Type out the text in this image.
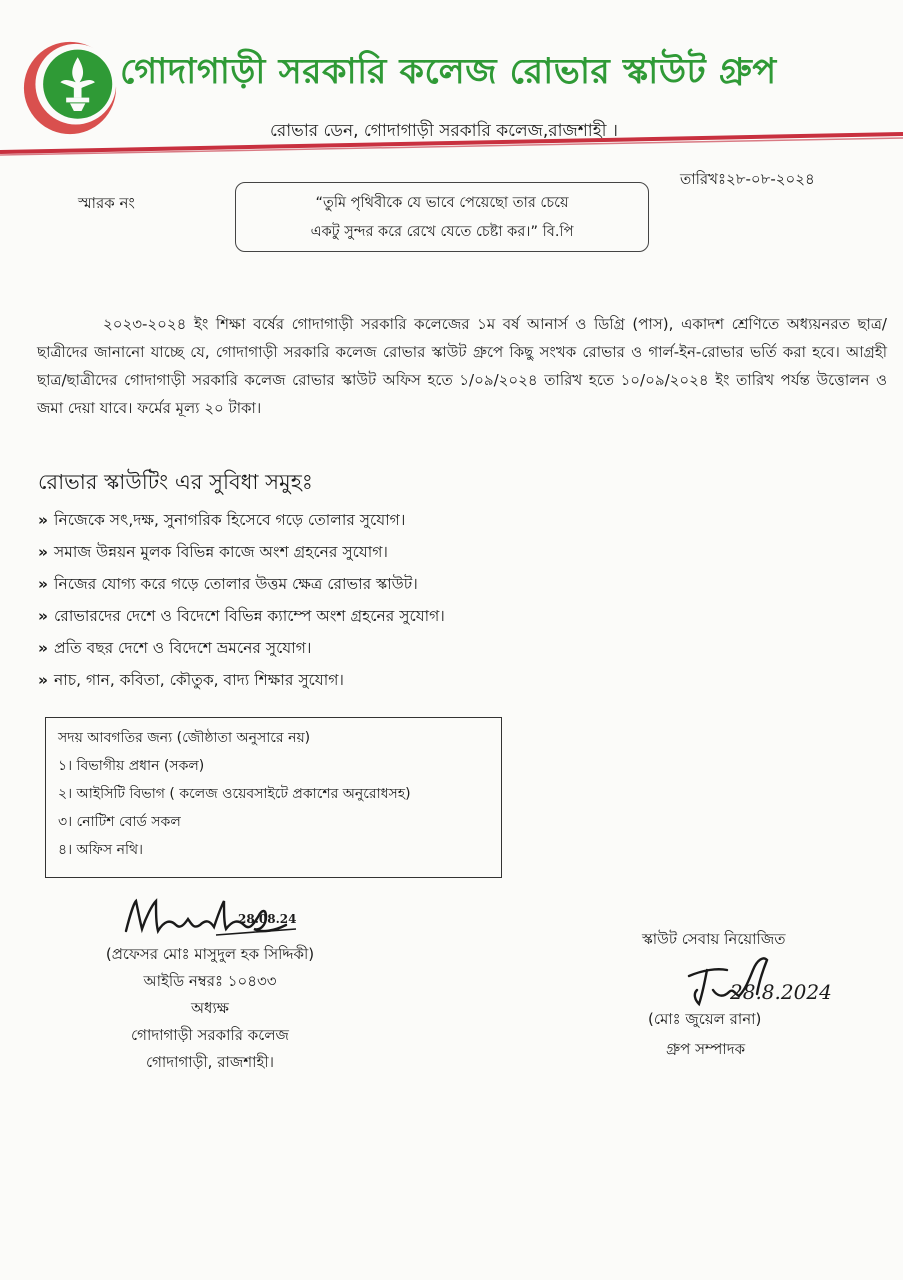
গোদাগাড়ী সরকারি কলেজ রোভার স্কাউট গ্রুপ
রোভার ডেন, গোদাগাড়ী সরকারি কলেজ,রাজশাহী ।
স্মারক নং
তারিখঃ২৮-০৮-২০২৪
“তুমি পৃথিবীকে যে ভাবে পেয়েছো তার চেয়ে
একটু সুন্দর করে রেখে যেতে চেষ্টা কর।” বি.পি
২০২৩-২০২৪ ইং শিক্ষা বর্ষের গোদাগাড়ী সরকারি কলেজের ১ম বর্ষ আনার্স ও ডিগ্রি (পাস), একাদশ শ্রেণিতে অধ্যয়নরত ছাত্র/ছাত্রীদের জানানো যাচ্ছে যে, গোদাগাড়ী সরকারি কলেজ রোভার স্কাউট গ্রুপে কিছু সংখক রোভার ও গার্ল-ইন-রোভার ভর্তি করা হবে। আগ্রহী ছাত্র/ছাত্রীদের গোদাগাড়ী সরকারি কলেজ রোভার স্কাউট অফিস হতে ১/০৯/২০২৪ তারিখ হতে ১০/০৯/২০২৪ ইং তারিখ পর্যন্ত উত্তোলন ও জমা দেয়া যাবে। ফর্মের মূল্য ২০ টাকা।
রোভার স্কাউটিং এর সুবিধা সমুহঃ
» নিজেকে সৎ,দক্ষ, সুনাগরিক হিসেবে গড়ে তোলার সুযোগ।
» সমাজ উন্নয়ন মুলক বিভিন্ন কাজে অংশ গ্রহনের সুযোগ।
» নিজের যোগ্য করে গড়ে তোলার উত্তম ক্ষেত্র রোভার স্কাউট।
» রোভারদের দেশে ও বিদেশে বিভিন্ন ক্যাম্পে অংশ গ্রহনের সুযোগ।
» প্রতি বছর দেশে ও বিদেশে ভ্রমনের সুযোগ।
» নাচ, গান, কবিতা, কৌতুক, বাদ্য শিক্ষার সুযোগ।
সদয় আবগতির জন্য (জৌষ্ঠাতা অনুসারে নয়)
১। বিভাগীয় প্রধান (সকল)
২। আইসিটি বিভাগ ( কলেজ ওয়েবসাইটে প্রকাশের অনুরোধসহ)
৩। নোটিশ বোর্ড সকল
৪। অফিস নথি।
(প্রফেসর মোঃ মাসুদুল হক সিদ্দিকী)
আইডি নম্বরঃ ১০৪৩৩
অধ্যক্ষ
গোদাগাড়ী সরকারি কলেজ
গোদাগাড়ী, রাজশাহী।
28.08.24
স্কাউট সেবায় নিয়োজিত
28.8.2024
(মোঃ জুয়েল রানা)
গ্রুপ সম্পাদক
